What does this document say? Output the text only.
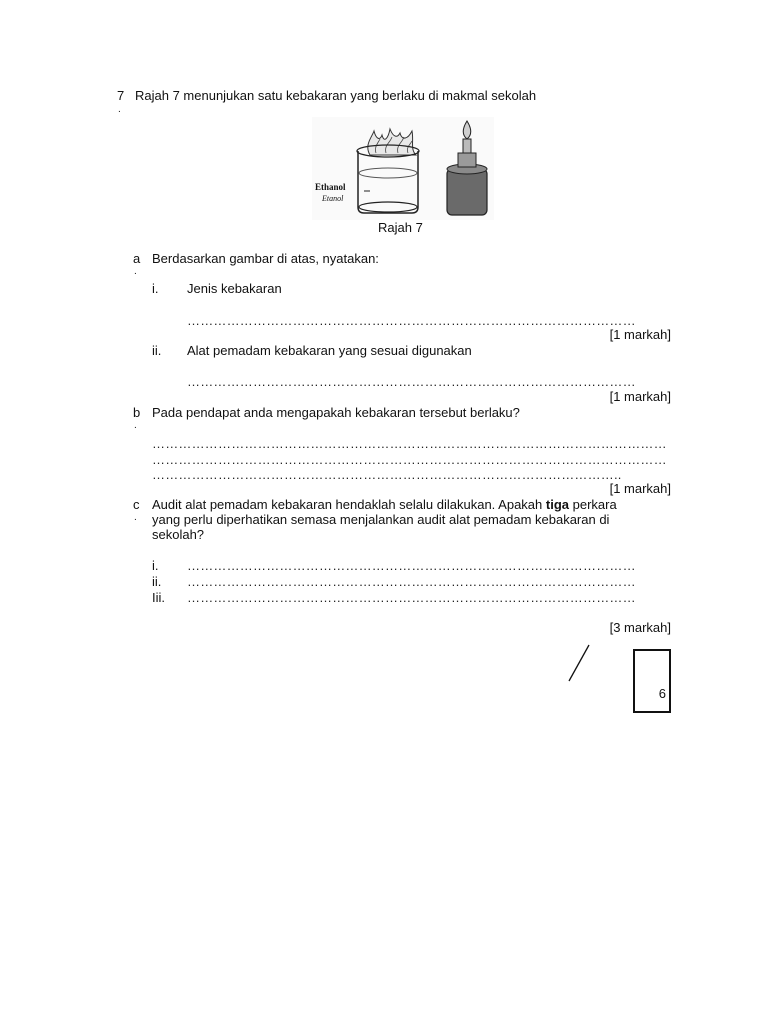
7
.
Rajah 7 menunjukan satu kebakaran yang berlaku di makmal sekolah
Ethanol
Etanol
Rajah 7
a
.
Berdasarkan gambar di atas, nyatakan:
i. Jenis kebakaran
…………………………………………………………………………………………
[1 markah]
ii. Alat pemadam kebakaran yang sesuai digunakan
…………………………………………………………………………………………
[1 markah]
b
.
Pada pendapat anda mengapakah kebakaran tersebut berlaku?
………………………………………………………………………………………………………
………………………………………………………………………………………………………
……………………………………………………………………………………………..
[1 markah]
c
.
Audit alat pemadam kebakaran hendaklah selalu dilakukan. Apakah tiga perkara
yang perlu diperhatikan semasa menjalankan audit alat pemadam kebakaran di
sekolah?
i. …………………………………………………………………………………………
ii. …………………………………………………………………………………………
Iii. …………………………………………………………………………………………
[3 markah]
6
